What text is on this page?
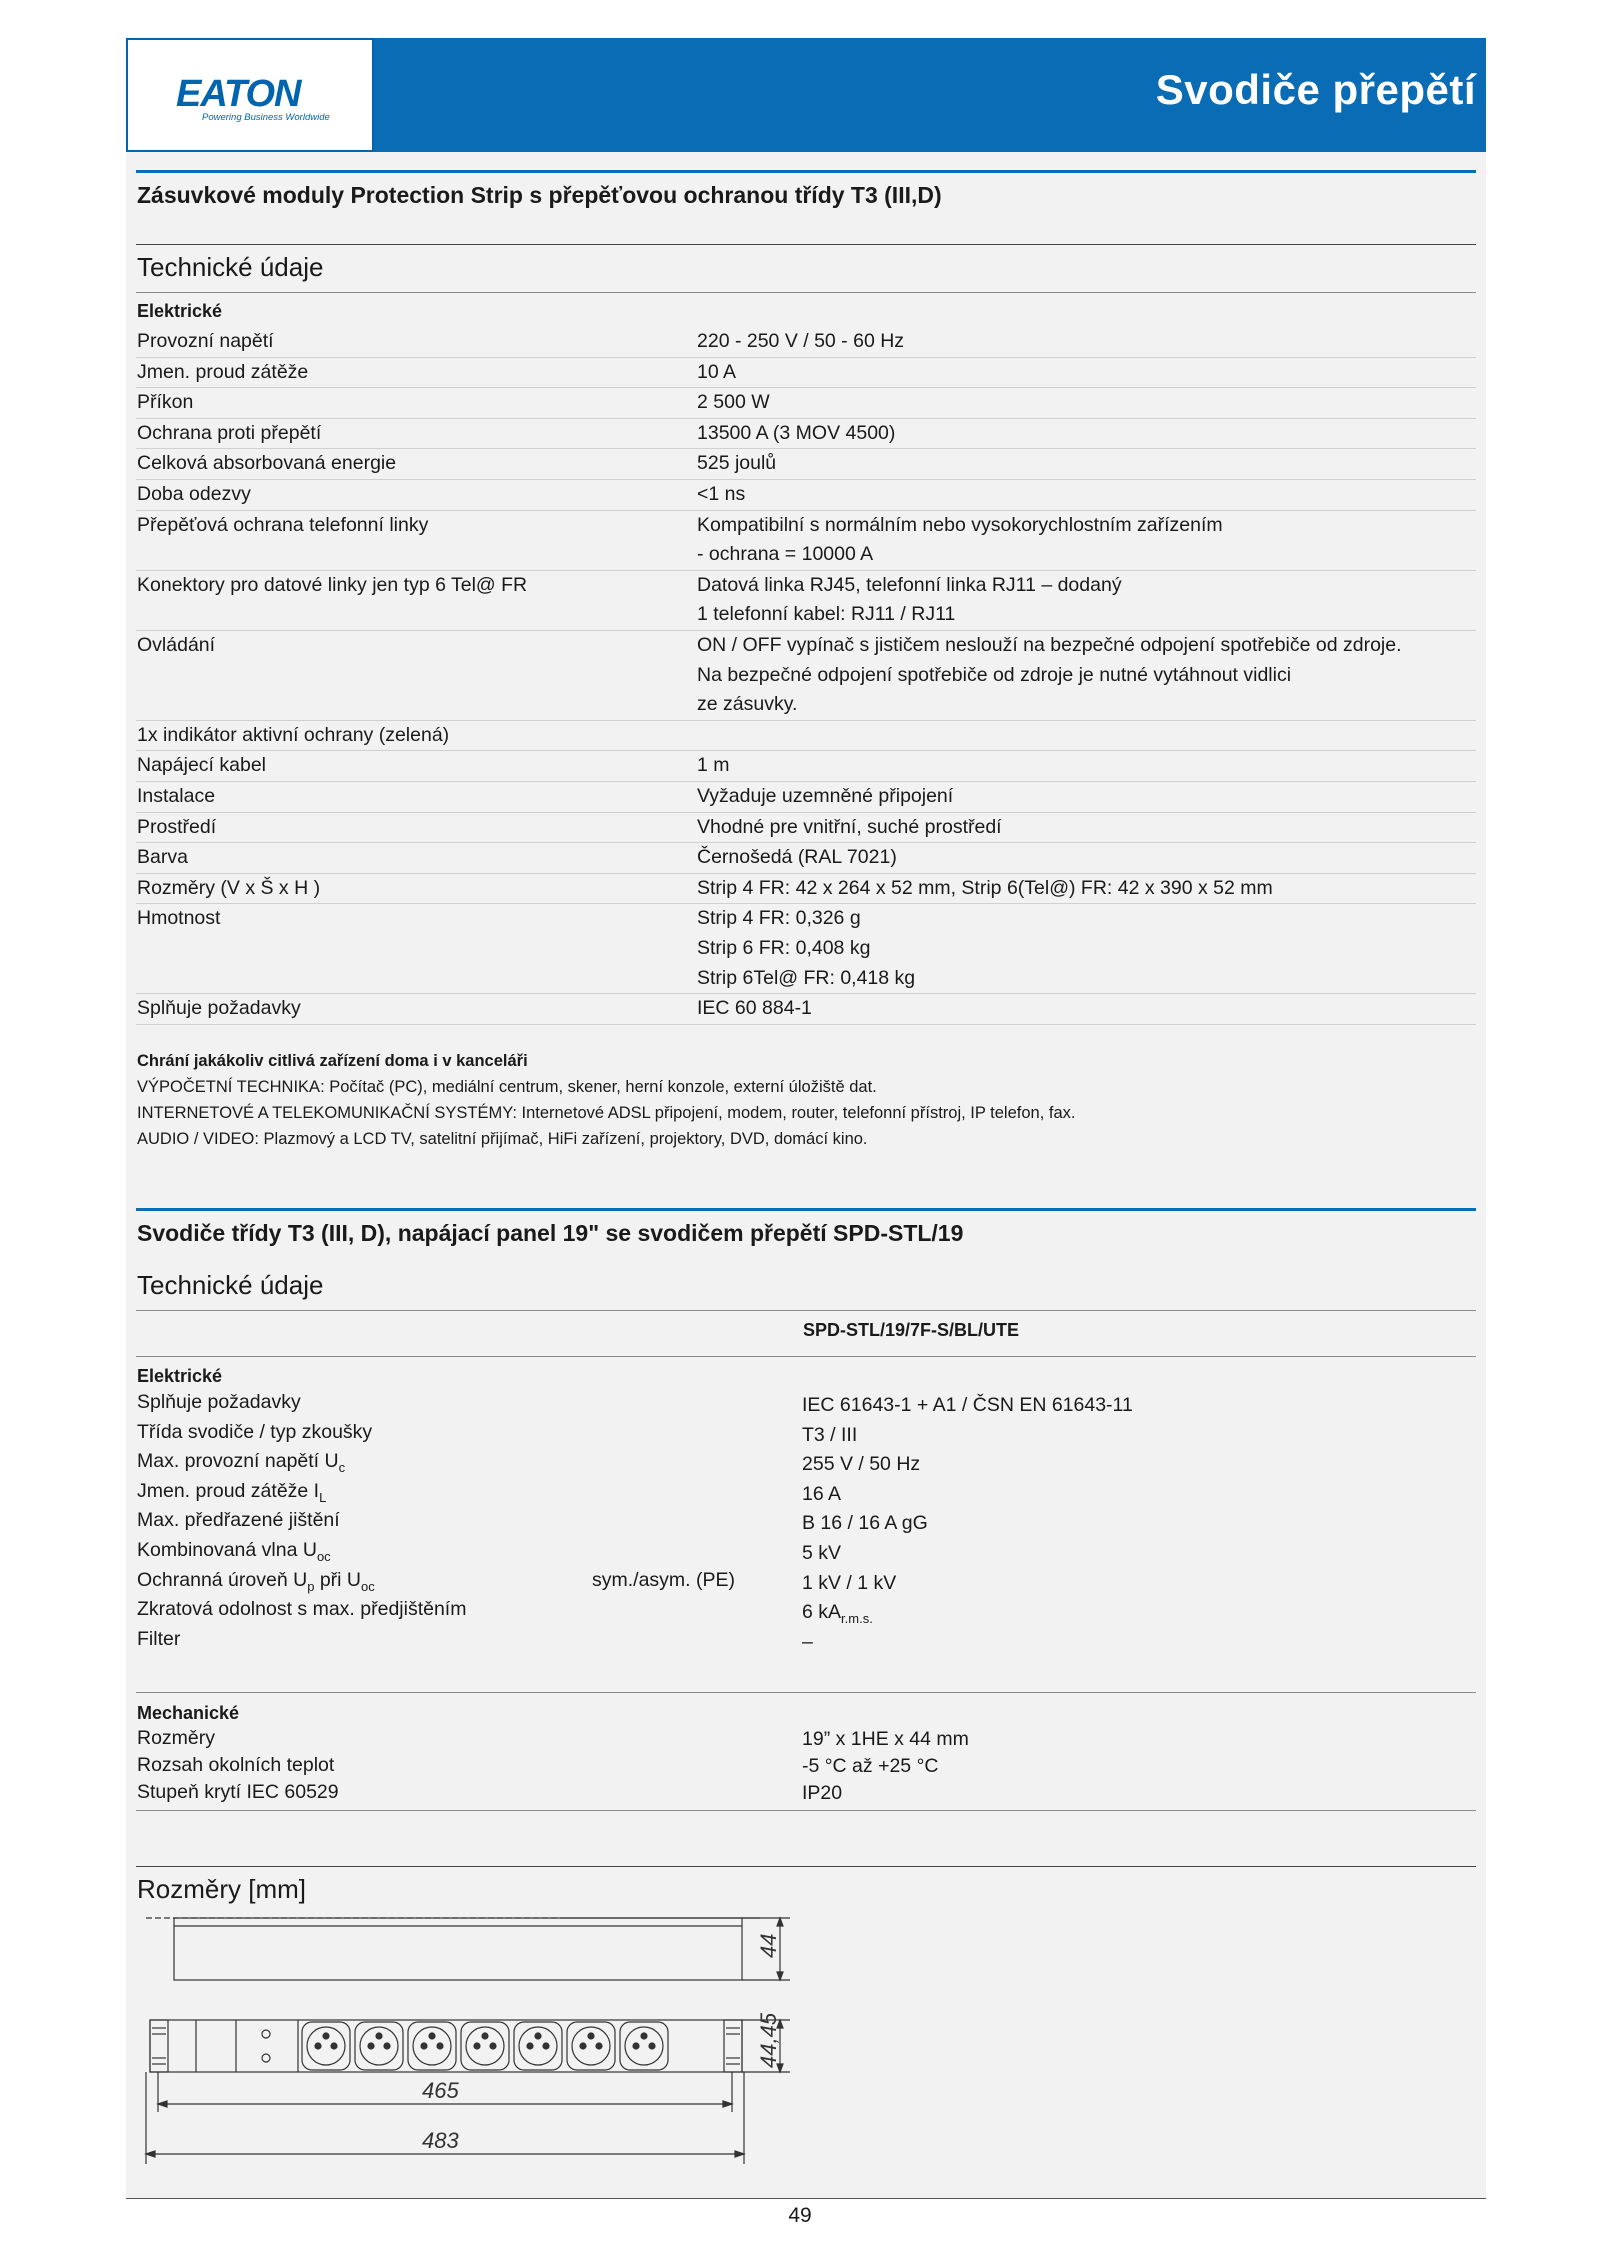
EATON
Powering Business Worldwide
Svodiče přepětí
Zásuvkové moduly Protection Strip s přepěťovou ochranou třídy T3 (III,D)
Technické údaje
Elektrické
Provozní napětí	220 - 250 V / 50 - 60 Hz
Jmen. proud zátěže	10 A
Příkon	2 500 W
Ochrana proti přepětí	13500 A (3 MOV 4500)
Celková absorbovaná energie	525 joulů
Doba odezvy	<1 ns
Přepěťová ochrana telefonní linky	Kompatibilní s normálním nebo vysokorychlostním zařízením
- ochrana = 10000 A
Konektory pro datové linky jen typ 6 Tel@ FR	Datová linka RJ45, telefonní linka RJ11 – dodaný
1 telefonní kabel: RJ11 / RJ11
Ovládání	ON / OFF vypínač s jističem neslouží na bezpečné odpojení spotřebiče od zdroje.
Na bezpečné odpojení spotřebiče od zdroje je nutné vytáhnout vidlici
ze zásuvky.
1x indikátor aktivní ochrany (zelená)
Napájecí kabel	1 m
Instalace	Vyžaduje uzemněné připojení
Prostředí	Vhodné pre vnitřní, suché prostředí
Barva	Černošedá (RAL 7021)
Rozměry (V x Š x H )	Strip 4 FR: 42 x 264 x 52 mm, Strip 6(Tel@) FR: 42 x 390 x 52 mm
Hmotnost	Strip 4 FR: 0,326 g
Strip 6 FR: 0,408 kg
Strip 6Tel@ FR: 0,418 kg
Splňuje požadavky	IEC 60 884-1
Chrání jakákoliv citlivá zařízení doma i v kanceláři
VÝPOČETNÍ TECHNIKA: Počítač (PC), mediální centrum, skener, herní konzole, externí úložiště dat.
INTERNETOVÉ A TELEKOMUNIKAČNÍ SYSTÉMY: Internetové ADSL připojení, modem, router, telefonní přístroj, IP telefon, fax.
AUDIO / VIDEO: Plazmový a LCD TV, satelitní přijímač, HiFi zařízení, projektory, DVD, domácí kino.
Svodiče třídy T3 (III, D), napájací panel 19" se svodičem přepětí SPD-STL/19
Technické údaje
SPD-STL/19/7F-S/BL/UTE
Elektrické
Splňuje požadavky	IEC 61643-1 + A1 / ČSN EN 61643-11
Třída svodiče / typ zkoušky	T3 / III
Max. provozní napětí $U_c$	255 V / 50 Hz
Jmen. proud zátěže $I_L$	16 A
Max. předřazené jištění	B 16 / 16 A gG
Kombinovaná vlna $U_{oc}$	5 kV
Ochranná úroveň $U_p$ při $U_{oc}$	sym./asym. (PE)	1 kV / 1 kV
Zkratová odolnost s max. předjištěním	6 $kA_{r.m.s.}$
Filter	–
Mechanické
Rozměry	19” x 1HE x 44 mm
Rozsah okolních teplot	-5 °C až +25 °C
Stupeň krytí IEC 60529	IP20
Rozměry [mm]
44
44,45
465
483
49
